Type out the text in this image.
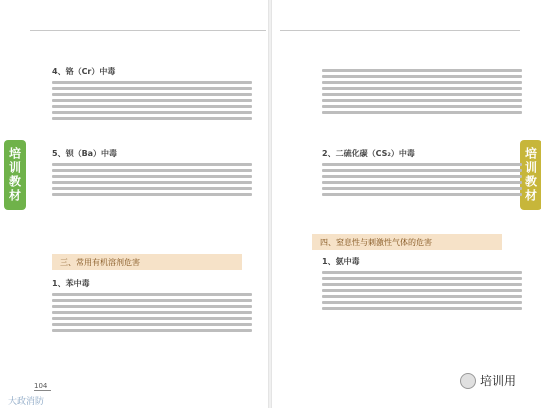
培训教材
4、铬（Cr）中毒
5、钡（Ba）中毒
三、常用有机溶剂危害
1、苯中毒
104
大政消防
培训教材
2、二硫化碳（CS₂）中毒
四、窒息性与刺激性气体的危害
1、氨中毒
培训用
